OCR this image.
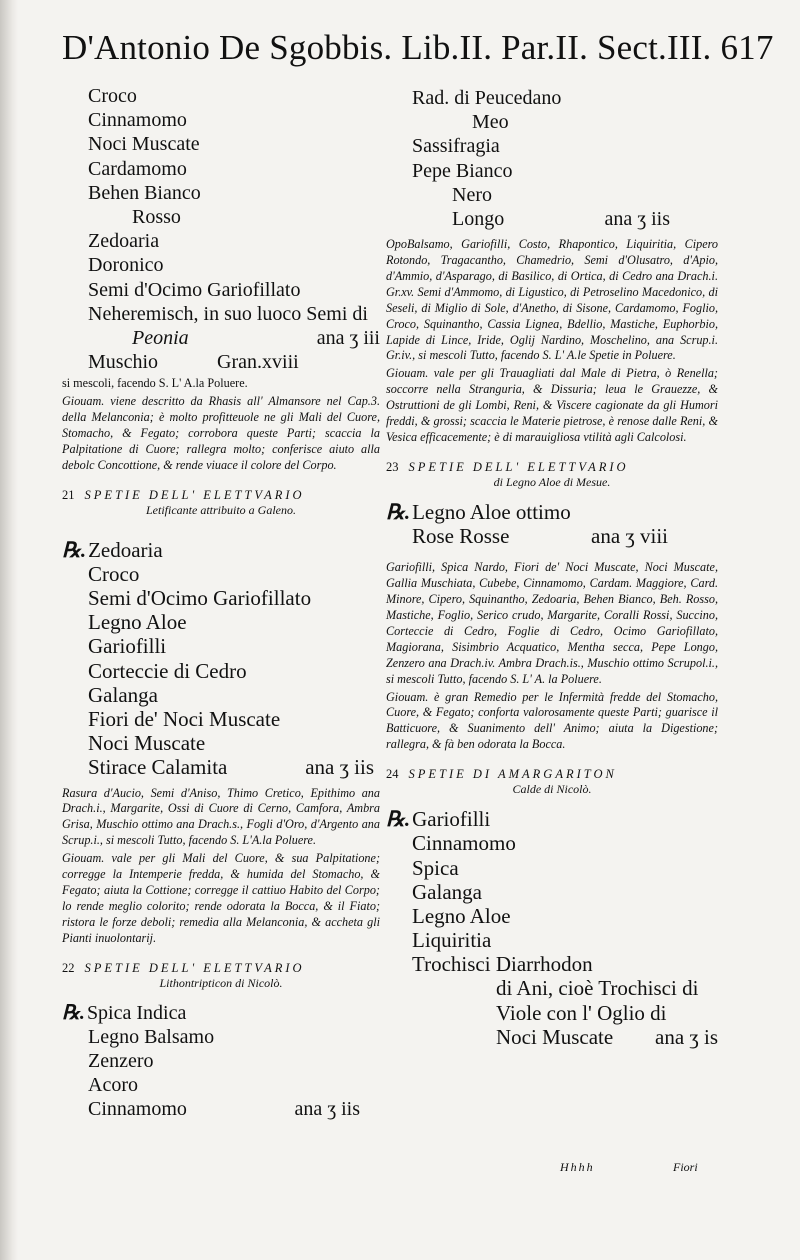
D'Antonio De Sgobbis. Lib.II. Par.II. Sect.III. 617
Croco
Cinnamomo
Noci Muscate
Cardamomo
Behen Bianco
Rosso
Zedoaria
Doronico
Semi d'Ocimo Gariofillato
Neheremisch, in suo luoco Semi di
Peonia	ana ʒ iii
Muschio	Gran.xviii
si mescoli, facendo S. L' A.la Poluere.
Giouam. viene descritto da Rhasis all' Almansore nel Cap.3. della Melanconia; è molto profitteuole ne gli Mali del Cuore, Stomacho, & Fegato; corrobora queste Parti; scaccia la Palpitatione di Cuore; rallegra molto; conferisce aiuto alla debolc Concottione, & rende viuace il colore del Corpo.
21 SPETIE DELL' ELETTVARIO
Letificante attribuito a Galeno.
℞.Zedoaria
Croco
Semi d'Ocimo Gariofillato
Legno Aloe
Gariofilli
Corteccie di Cedro
Galanga
Fiori de' Noci Muscate
Noci Muscate
Stirace Calamita	ana ʒ iis
Rasura d'Aucio, Semi d'Aniso, Thimo Cretico, Epithimo ana Drach.i., Margarite, Ossi di Cuore di Cerno, Camfora, Ambra Grisa, Muschio ottimo ana Drach.s., Fogli d'Oro, d'Argento ana Scrup.i., si mescoli Tutto, facendo S. L'A.la Poluere.
Giouam. vale per gli Mali del Cuore, & sua Palpitatione; corregge la Intemperie fredda, & humida del Stomacho, & Fegato; aiuta la Cottione; corregge il cattiuo Habito del Corpo; lo rende meglio colorito; rende odorata la Bocca, & il Fiato; ristora le forze deboli; remedia alla Melanconia, & accheta gli Pianti inuolontarij.
22 SPETIE DELL' ELETTVARIO
Lithontripticon di Nicolò.
℞. Spica Indica
Legno Balsamo
Zenzero
Acoro
Cinnamomo	ana ʒ iis
Rad. di Peucedano
Meo
Sassifragia
Pepe Bianco
Nero
Longo	ana ʒ iis
OpoBalsamo, Gariofilli, Costo, Rhapontico, Liquiritia, Cipero Rotondo, Tragacantho, Chamedrio, Semi d'Olusatro, d'Apio, d'Ammio, d'Asparago, di Basilico, di Ortica, di Cedro ana Drach.i. Gr.xv. Semi d'Ammomo, di Ligustico, di Petroselino Macedonico, di Seseli, di Miglio di Sole, d'Anetho, di Sisone, Cardamomo, Foglio, Croco, Squinantho, Cassia Lignea, Bdellio, Mastiche, Euphorbio, Lapide di Lince, Iride, Oglij Nardino, Moschelino, ana Scrup.i. Gr.iv., si mescoli Tutto, facendo S. L' A.le Spetie in Poluere.
Giouam. vale per gli Trauagliati dal Male di Pietra, ò Renella; soccorre nella Stranguria, & Dissuria; leua le Grauezze, & Ostruttioni de gli Lombi, Reni, & Viscere cagionate da gli Humori freddi, & grossi; scaccia le Materie pietrose, è renose dalle Reni, & Vesica efficacemente; è di marauigliosa vtilità agli Calcolosi.
23 SPETIE DELL' ELETTVARIO
di Legno Aloe di Mesue.
℞.Legno Aloe ottimo
Rose Rosse	ana ʒ viii
Gariofilli, Spica Nardo, Fiori de' Noci Muscate, Noci Muscate, Gallia Muschiata, Cubebe, Cinnamomo, Cardam. Maggiore, Card. Minore, Cipero, Squinantho, Zedoaria, Behen Bianco, Beh. Rosso, Mastiche, Foglio, Serico crudo, Margarite, Coralli Rossi, Succino, Corteccie di Cedro, Foglie di Cedro, Ocimo Gariofillato, Magiorana, Sisimbrio Acquatico, Mentha secca, Pepe Longo, Zenzero ana Drach.iv. Ambra Drach.is., Muschio ottimo Scrupol.i., si mescoli Tutto, facendo S. L' A. la Poluere.
Giouam. è gran Remedio per le Infermità fredde del Stomacho, Cuore, & Fegato; conforta valorosamente queste Parti; guarisce il Batticuore, & Suanimento dell' Animo; aiuta la Digestione; rallegra, & fà ben odorata la Bocca.
24 SPETIE DI AMARGARITON
Calde di Nicolò.
℞.Gariofilli
Cinnamomo
Spica
Galanga
Legno Aloe
Liquiritia
Trochisci Diarrhodon
di Ani, cioè Trochisci di
Viole con l' Oglio di
Noci Muscate ana ʒ is
Hhhh	Fiori
